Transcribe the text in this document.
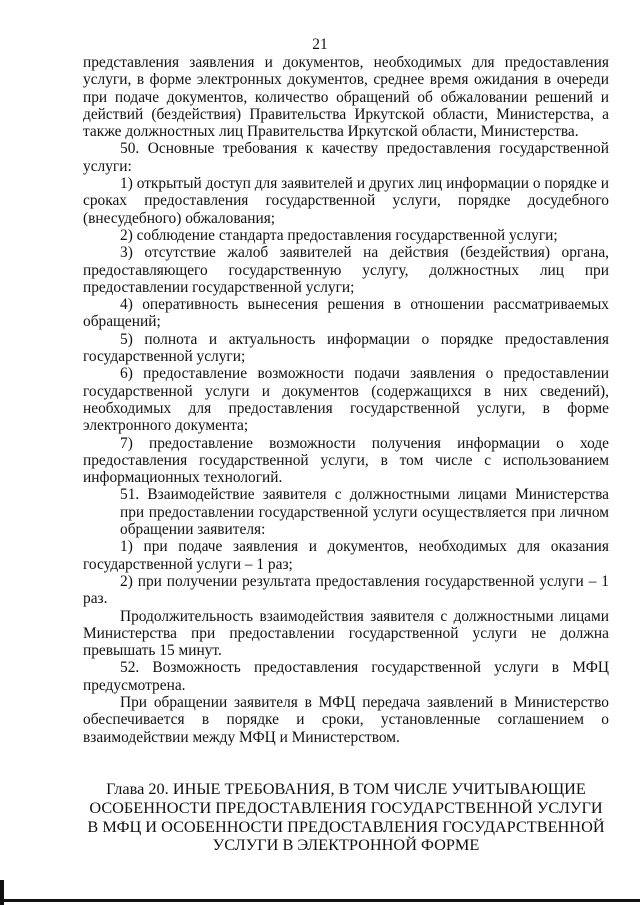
21

представления заявления и документов, необходимых для предоставления услуги, в форме электронных документов, среднее время ожидания в очереди при подаче документов, количество обращений об обжаловании решений и действий (бездействия) Правительства Иркутской области, Министерства, а также должностных лиц Правительства Иркутской области, Министерства.

50. Основные требования к качеству предоставления государственной услуги:

1) открытый доступ для заявителей и других лиц информации о порядке и сроках предоставления государственной услуги, порядке досудебного (внесудебного) обжалования;

2) соблюдение стандарта предоставления государственной услуги;

3) отсутствие жалоб заявителей на действия (бездействия) органа, предоставляющего государственную услугу, должностных лиц при предоставлении государственной услуги;

4) оперативность вынесения решения в отношении рассматриваемых обращений;

5) полнота и актуальность информации о порядке предоставления государственной услуги;

6) предоставление возможности подачи заявления о предоставлении государственной услуги и документов (содержащихся в них сведений), необходимых для предоставления государственной услуги, в форме электронного документа;

7) предоставление возможности получения информации о ходе предоставления государственной услуги, в том числе с использованием информационных технологий.

51. Взаимодействие заявителя с должностными лицами Министерства при предоставлении государственной услуги осуществляется при личном обращении заявителя:

1) при подаче заявления и документов, необходимых для оказания государственной услуги – 1 раз;

2) при получении результата предоставления государственной услуги – 1 раз.

Продолжительность взаимодействия заявителя с должностными лицами Министерства при предоставлении государственной услуги не должна превышать 15 минут.

52. Возможность предоставления государственной услуги в МФЦ предусмотрена.

При обращении заявителя в МФЦ передача заявлений в Министерство обеспечивается в порядке и сроки, установленные соглашением о взаимодействии между МФЦ и Министерством.

Глава 20. ИНЫЕ ТРЕБОВАНИЯ, В ТОМ ЧИСЛЕ УЧИТЫВАЮЩИЕ ОСОБЕННОСТИ ПРЕДОСТАВЛЕНИЯ ГОСУДАРСТВЕННОЙ УСЛУГИ В МФЦ И ОСОБЕННОСТИ ПРЕДОСТАВЛЕНИЯ ГОСУДАРСТВЕННОЙ УСЛУГИ В ЭЛЕКТРОННОЙ ФОРМЕ
